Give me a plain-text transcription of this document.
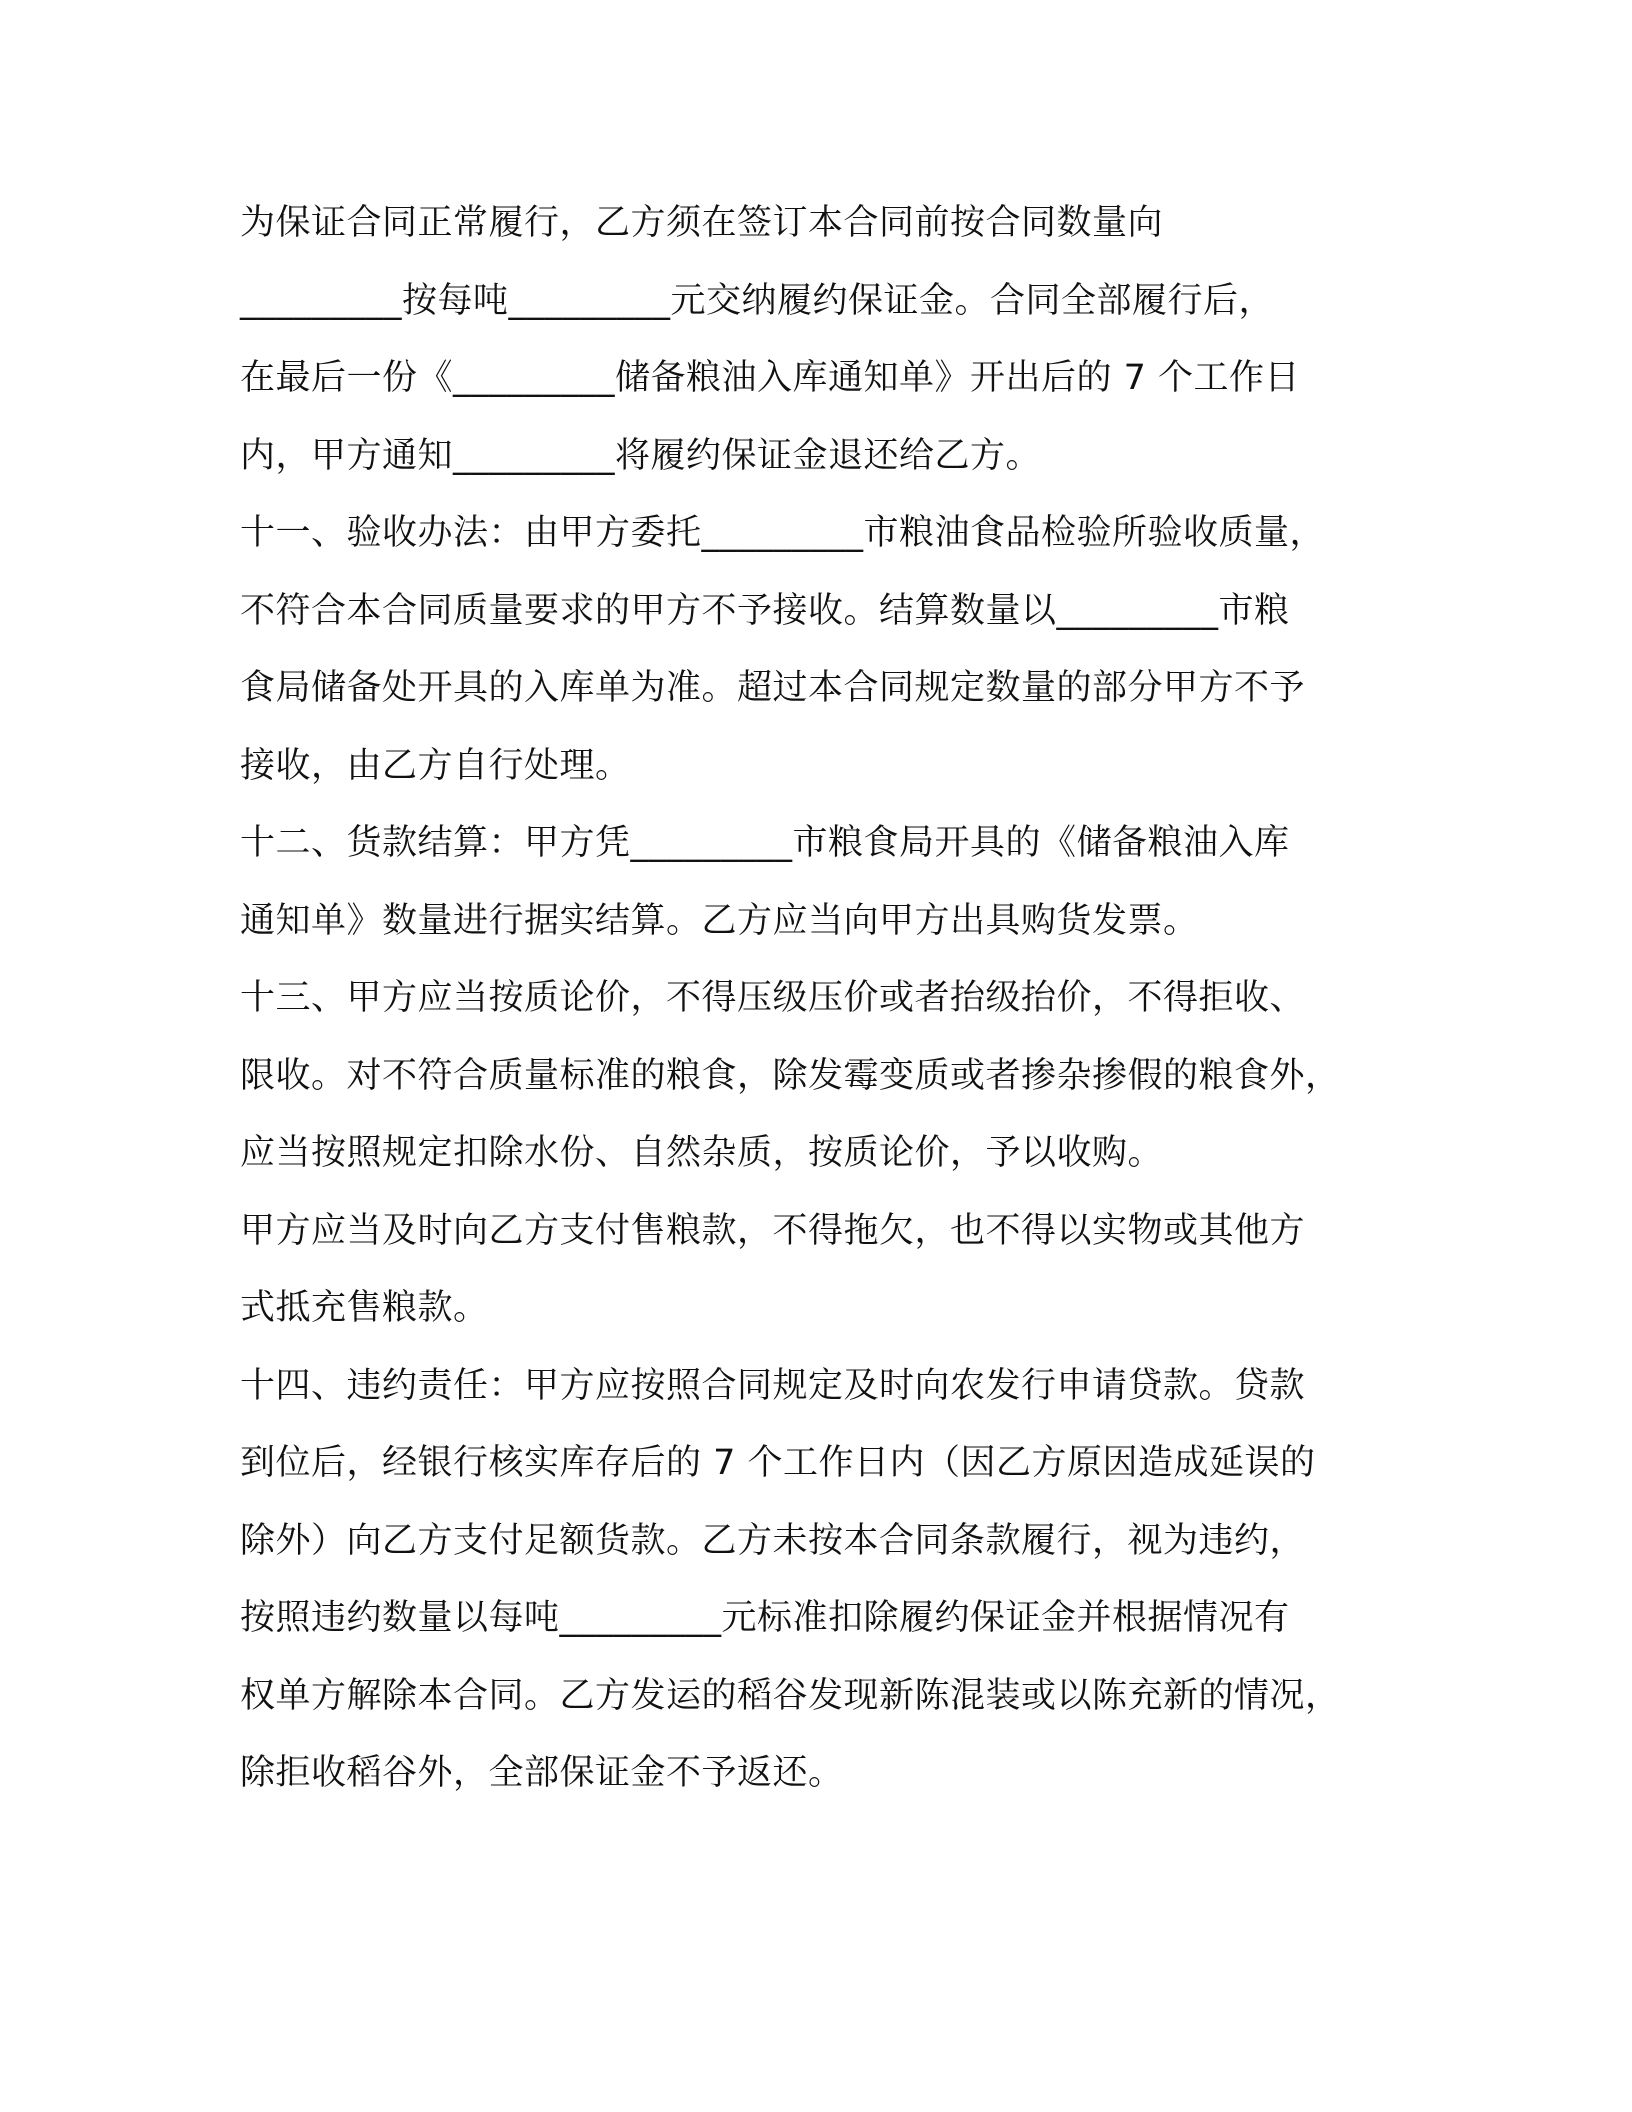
为保证合同正常履行，乙方须在签订本合同前按合同数量向
_________按每吨_________元交纳履约保证金。合同全部履行后，
在最后一份《_________储备粮油入库通知单》开出后的 7 个工作日
内，甲方通知_________将履约保证金退还给乙方。
十一、验收办法：由甲方委托_________市粮油食品检验所验收质量，
不符合本合同质量要求的甲方不予接收。结算数量以_________市粮
食局储备处开具的入库单为准。超过本合同规定数量的部分甲方不予
接收，由乙方自行处理。
十二、货款结算：甲方凭_________市粮食局开具的《储备粮油入库
通知单》数量进行据实结算。乙方应当向甲方出具购货发票。
十三、甲方应当按质论价，不得压级压价或者抬级抬价，不得拒收、
限收。对不符合质量标准的粮食，除发霉变质或者掺杂掺假的粮食外，
应当按照规定扣除水份、自然杂质，按质论价，予以收购。
甲方应当及时向乙方支付售粮款，不得拖欠，也不得以实物或其他方
式抵充售粮款。
十四、违约责任：甲方应按照合同规定及时向农发行申请贷款。贷款
到位后，经银行核实库存后的 7 个工作日内（因乙方原因造成延误的
除外）向乙方支付足额货款。乙方未按本合同条款履行，视为违约，
按照违约数量以每吨_________元标准扣除履约保证金并根据情况有
权单方解除本合同。乙方发运的稻谷发现新陈混装或以陈充新的情况，
除拒收稻谷外，全部保证金不予返还。
